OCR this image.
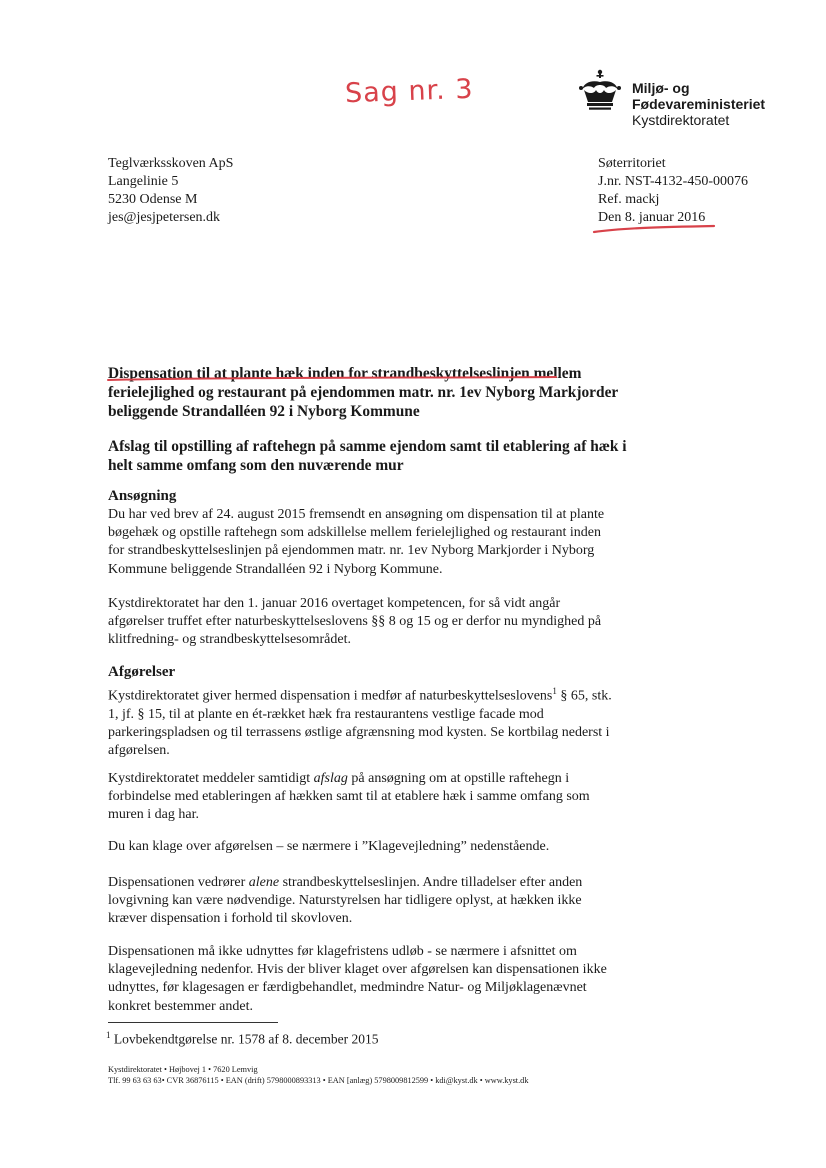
Sag nr. 3	Miljø- og
Fødevareministeriet
Kystdirektoratet
Teglværksskoven ApS
Langelinie 5
5230 Odense M
jes@jesjpetersen.dk
Søterritoriet
J.nr. NST-4132-450-00076
Ref. mackj
Den 8. januar 2016
Dispensation til at plante hæk inden for strandbeskyttelseslinjen mellem ferielejlighed og restaurant på ejendommen matr. nr. 1ev Nyborg Markjorder beliggende Strandalléen 92 i Nyborg Kommune
Afslag til opstilling af raftehegn på samme ejendom samt til etablering af hæk i helt samme omfang som den nuværende mur
Ansøgning
Du har ved brev af 24. august 2015 fremsendt en ansøgning om dispensation til at plante bøgehæk og opstille raftehegn som adskillelse mellem ferielejlighed og restaurant inden for strandbeskyttelseslinjen på ejendommen matr. nr. 1ev Nyborg Markjorder i Nyborg Kommune beliggende Strandalléen 92 i Nyborg Kommune.
Kystdirektoratet har den 1. januar 2016 overtaget kompetencen, for så vidt angår afgørelser truffet efter naturbeskyttelseslovens §§ 8 og 15 og er derfor nu myndighed på klitfredning- og strandbeskyttelsesområdet.
Afgørelser
Kystdirektoratet giver hermed dispensation i medfør af naturbeskyttelseslovens$^1$ § 65, stk. 1, jf. § 15, til at plante en ét-rækket hæk fra restaurantens vestlige facade mod parkeringspladsen og til terrassens østlige afgrænsning mod kysten. Se kortbilag nederst i afgørelsen.
Kystdirektoratet meddeler samtidigt afslag på ansøgning om at opstille raftehegn i forbindelse med etableringen af hækken samt til at etablere hæk i samme omfang som muren i dag har.
Du kan klage over afgørelsen – se nærmere i ”Klagevejledning” nedenstående.
Dispensationen vedrører alene strandbeskyttelseslinjen. Andre tilladelser efter anden lovgivning kan være nødvendige. Naturstyrelsen har tidligere oplyst, at hækken ikke kræver dispensation i forhold til skovloven.
Dispensationen må ikke udnyttes før klagefristens udløb - se nærmere i afsnittet om klagevejledning nedenfor. Hvis der bliver klaget over afgørelsen kan dispensationen ikke udnyttes, før klagesagen er færdigbehandlet, medmindre Natur- og Miljøklagenævnet konkret bestemmer andet.
$^1$ Lovbekendtgørelse nr. 1578 af 8. december 2015
Kystdirektoratet • Højbovej 1 • 7620 Lemvig
Tlf. 99 63 63 63• CVR 36876115 • EAN (drift) 5798000893313 • EAN [anlæg) 5798009812599 • kdi@kyst.dk • www.kyst.dk
